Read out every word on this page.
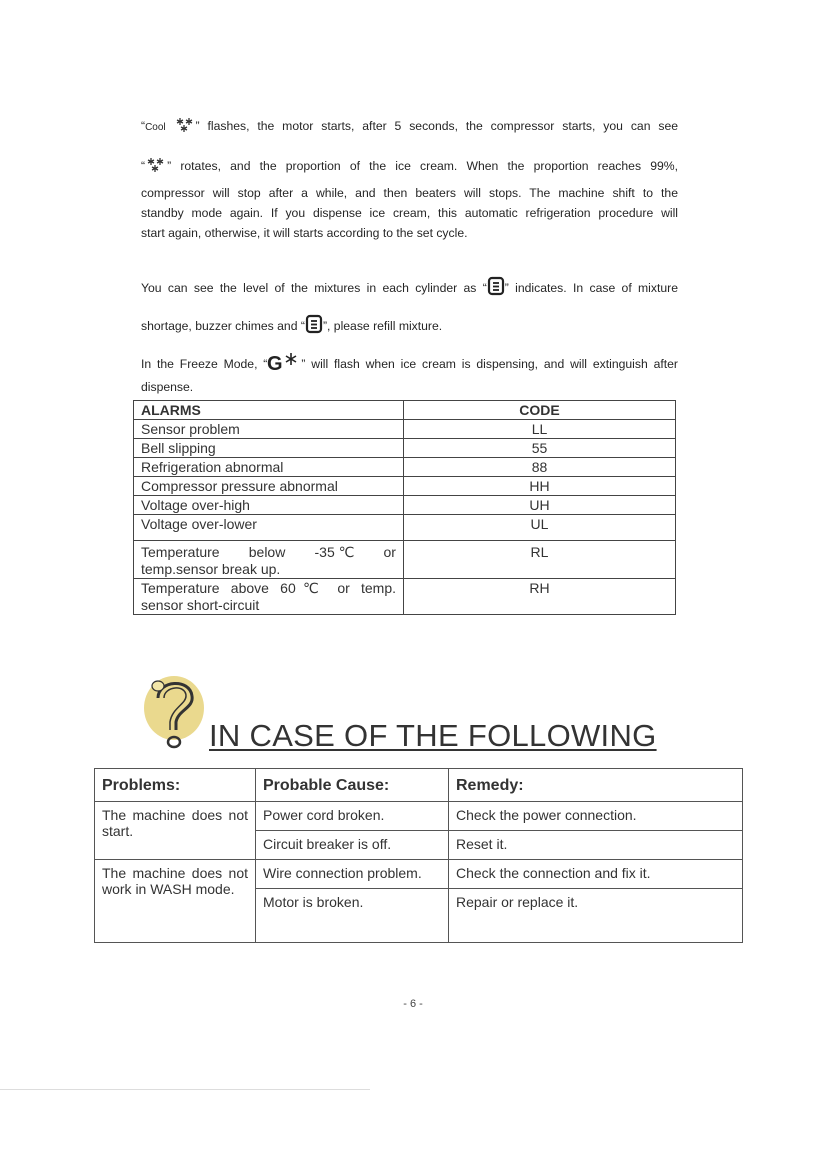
“Cool ” flashes, the motor starts, after 5 seconds, the compressor starts, you can see
“ ” rotates, and the proportion of the ice cream. When the proportion reaches 99%,
compressor will stop after a while, and then beaters will stops. The machine shift to the
standby mode again. If you dispense ice cream, this automatic refrigeration procedure will
start again, otherwise, it will starts according to the set cycle.
You can see the level of the mixtures in each cylinder as “ ” indicates. In case of mixture
shortage, buzzer chimes and “ ”, please refill mixture.
In the Freeze Mode, “ G ” will flash when ice cream is dispensing, and will extinguish after
dispense.
ALARMS	CODE
Sensor problem	LL
Bell slipping	55
Refrigeration abnormal	88
Compressor pressure abnormal	HH
Voltage over-high	UH
Voltage over-lower	UL

Temperature below -35 ℃ or
temp.sensor break up.	RL

Temperature above 60℃ or temp.
sensor short-circuit	RH
IN CASE OF THE FOLLOWING
Problems:	Probable Cause:	Remedy:
The machine does not start.	Power cord broken.	Check the power connection.
	Circuit breaker is off.	Reset it.
The machine does not work in WASH mode.	Wire connection problem.	Check the connection and fix it.
	Motor is broken.	Repair or replace it.
- 6 -
